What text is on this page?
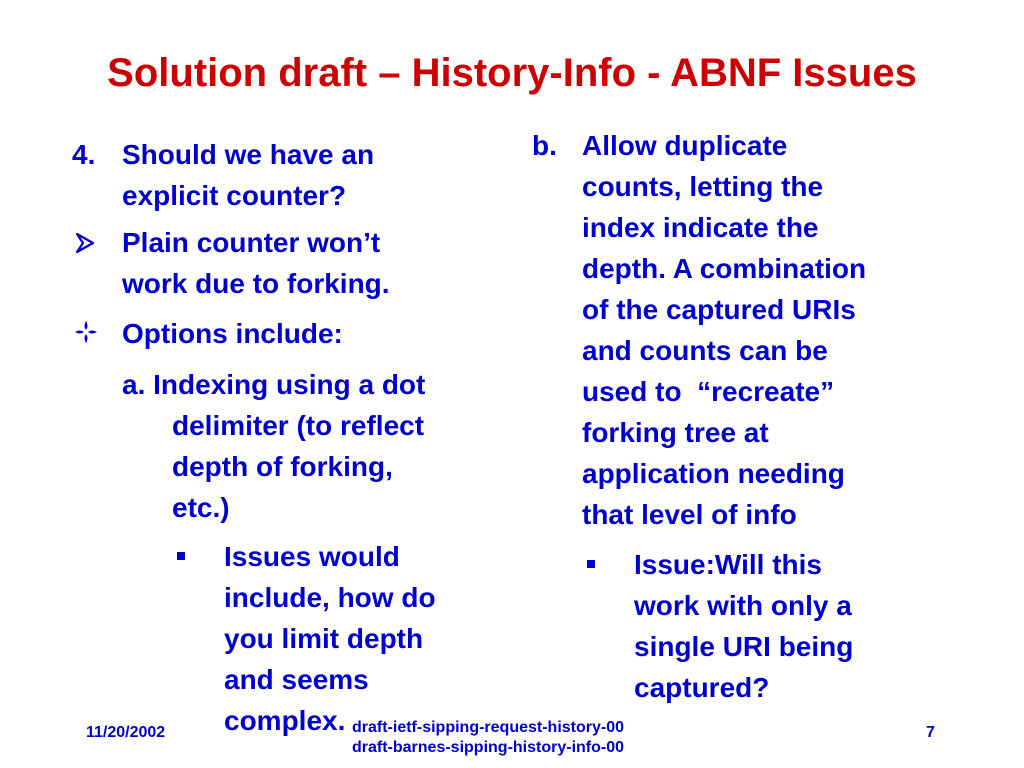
Solution draft – History-Info - ABNF Issues
4. Should we have an
explicit counter?
Plain counter won’t
work due to forking.
Options include:
a. Indexing using a dot
delimiter (to reflect
depth of forking,
etc.)
Issues would
include, how do
you limit depth
and seems
complex.
b. Allow duplicate
counts, letting the
index indicate the
depth. A combination
of the captured URIs
and counts can be
used to  “recreate”
forking tree at
application needing
that level of info
Issue:Will this
work with only a
single URI being
captured?
11/20/2002	draft-ietf-sipping-request-history-00
draft-barnes-sipping-history-info-00
7
